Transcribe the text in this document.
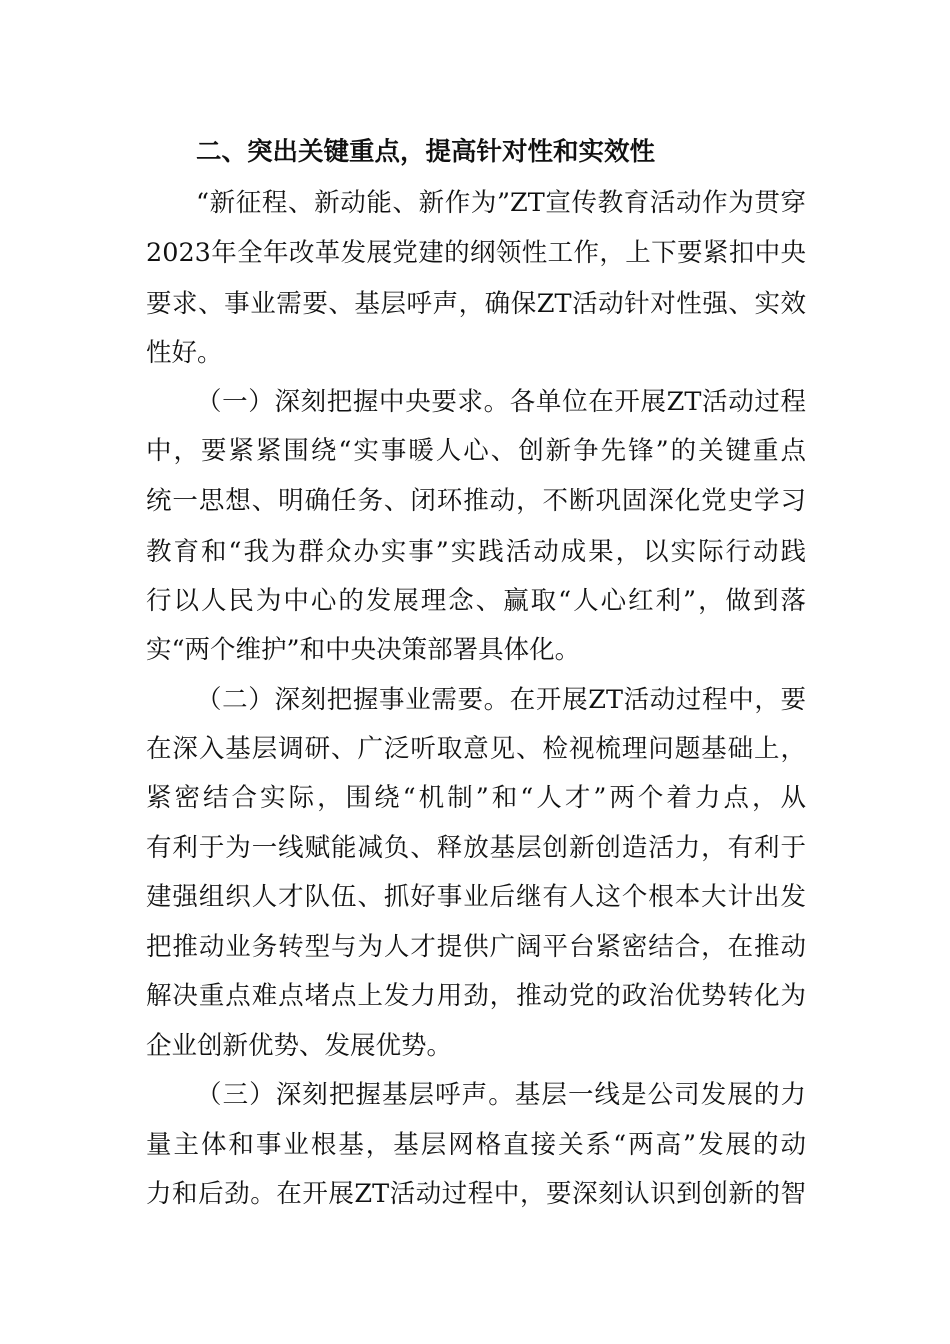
二、突出关键重点，提高针对性和实效性
“新征程、新动能、新作为”ZT宣传教育活动作为贯穿
2023年全年改革发展党建的纲领性工作，上下要紧扣中央
要求、事业需要、基层呼声，确保ZT活动针对性强、实效
性好。
（一）深刻把握中央要求。各单位在开展ZT活动过程
中，要紧紧围绕“实事暖人心、创新争先锋”的关键重点
统一思想、明确任务、闭环推动，不断巩固深化党史学习
教育和“我为群众办实事”实践活动成果，以实际行动践
行以人民为中心的发展理念、赢取“人心红利”，做到落
实“两个维护”和中央决策部署具体化。
（二）深刻把握事业需要。在开展ZT活动过程中，要
在深入基层调研、广泛听取意见、检视梳理问题基础上，
紧密结合实际，围绕“机制”和“人才”两个着力点，从
有利于为一线赋能减负、释放基层创新创造活力，有利于
建强组织人才队伍、抓好事业后继有人这个根本大计出发
把推动业务转型与为人才提供广阔平台紧密结合，在推动
解决重点难点堵点上发力用劲，推动党的政治优势转化为
企业创新优势、发展优势。
（三）深刻把握基层呼声。基层一线是公司发展的力
量主体和事业根基，基层网格直接关系“两高”发展的动
力和后劲。在开展ZT活动过程中，要深刻认识到创新的智
